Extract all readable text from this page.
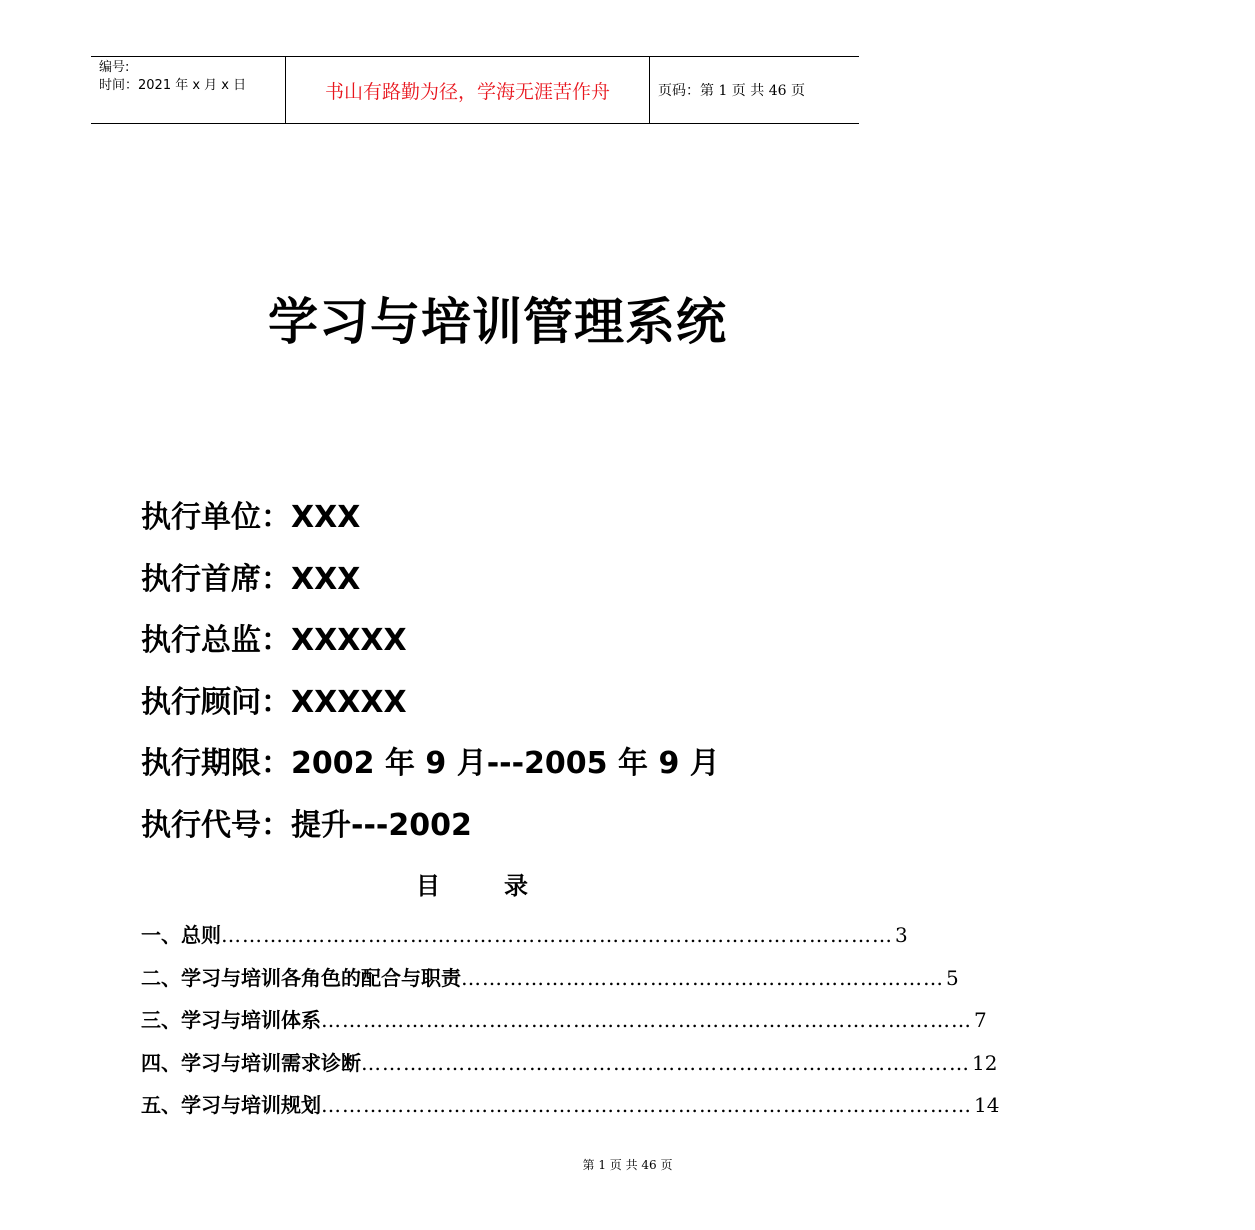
编号:
时间：2021 年 x 月 x 日	书山有路勤为径，学海无涯苦作舟	页码：第 1 页 共 46 页
学习与培训管理系统
执行单位：XXX
执行首席：XXX
执行总监：XXXXX
执行顾问：XXXXX
执行期限：2002 年 9 月---2005 年 9 月
执行代号：提升---2002
目	录
一、总则 …………………………………………………………………………………… 3
二、学习与培训各角色的配合与职责 …………………………………………………………… 5
三、学习与培训体系 ………………………………………………………………………………… 7
四、学习与培训需求诊断 …………………………………………………………………………… 12
五、学习与培训规划 ………………………………………………………………………………… 14
第 1 页 共 46 页
